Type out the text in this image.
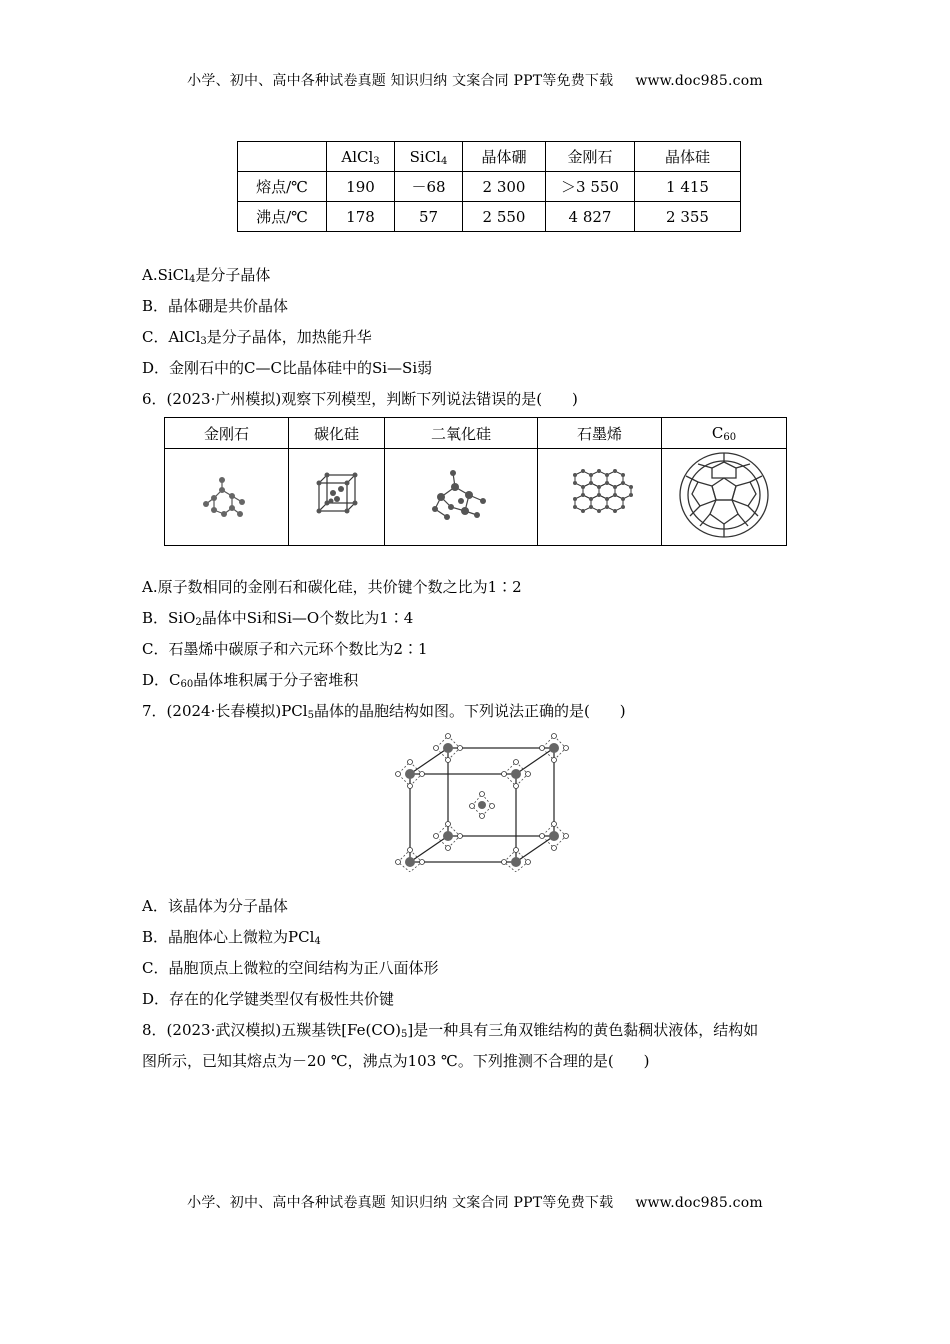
小学、初中、高中各种试卷真题 知识归纳 文案合同 PPT等免费下载 www.doc985.com
	AlCl$_3$	SiCl$_4$	晶体硼	金刚石	晶体硅
熔点/℃	190	－68	2 300	＞3 550	1 415
沸点/℃	178	57	2 550	4 827	2 355
A.SiCl$_4$是分子晶体
B．晶体硼是共价晶体
C．AlCl$_3$是分子晶体，加热能升华
D．金刚石中的C—C比晶体硅中的Si—Si弱
6．(2023·广州模拟)观察下列模型，判断下列说法错误的是(　　)
金刚石	碳化硅	二氧化硅	石墨烯	$C_{60}$

A.原子数相同的金刚石和碳化硅，共价键个数之比为1∶2
B．SiO$_2$晶体中Si和Si—O个数比为1∶4
C．石墨烯中碳原子和六元环个数比为2∶1
D．$C_{60}$晶体堆积属于分子密堆积
7．(2024·长春模拟)PCl$_5$晶体的晶胞结构如图。下列说法正确的是(　　)
A．该晶体为分子晶体
B．晶胞体心上微粒为PCl$_4$
C．晶胞顶点上微粒的空间结构为正八面体形
D．存在的化学键类型仅有极性共价键
8．(2023·武汉模拟)五羰基铁$[Fe(CO)_5]$是一种具有三角双锥结构的黄色黏稠状液体，结构如
图所示，已知其熔点为－20 ℃，沸点为103 ℃。下列推测不合理的是(　　)
小学、初中、高中各种试卷真题 知识归纳 文案合同 PPT等免费下载 www.doc985.com
